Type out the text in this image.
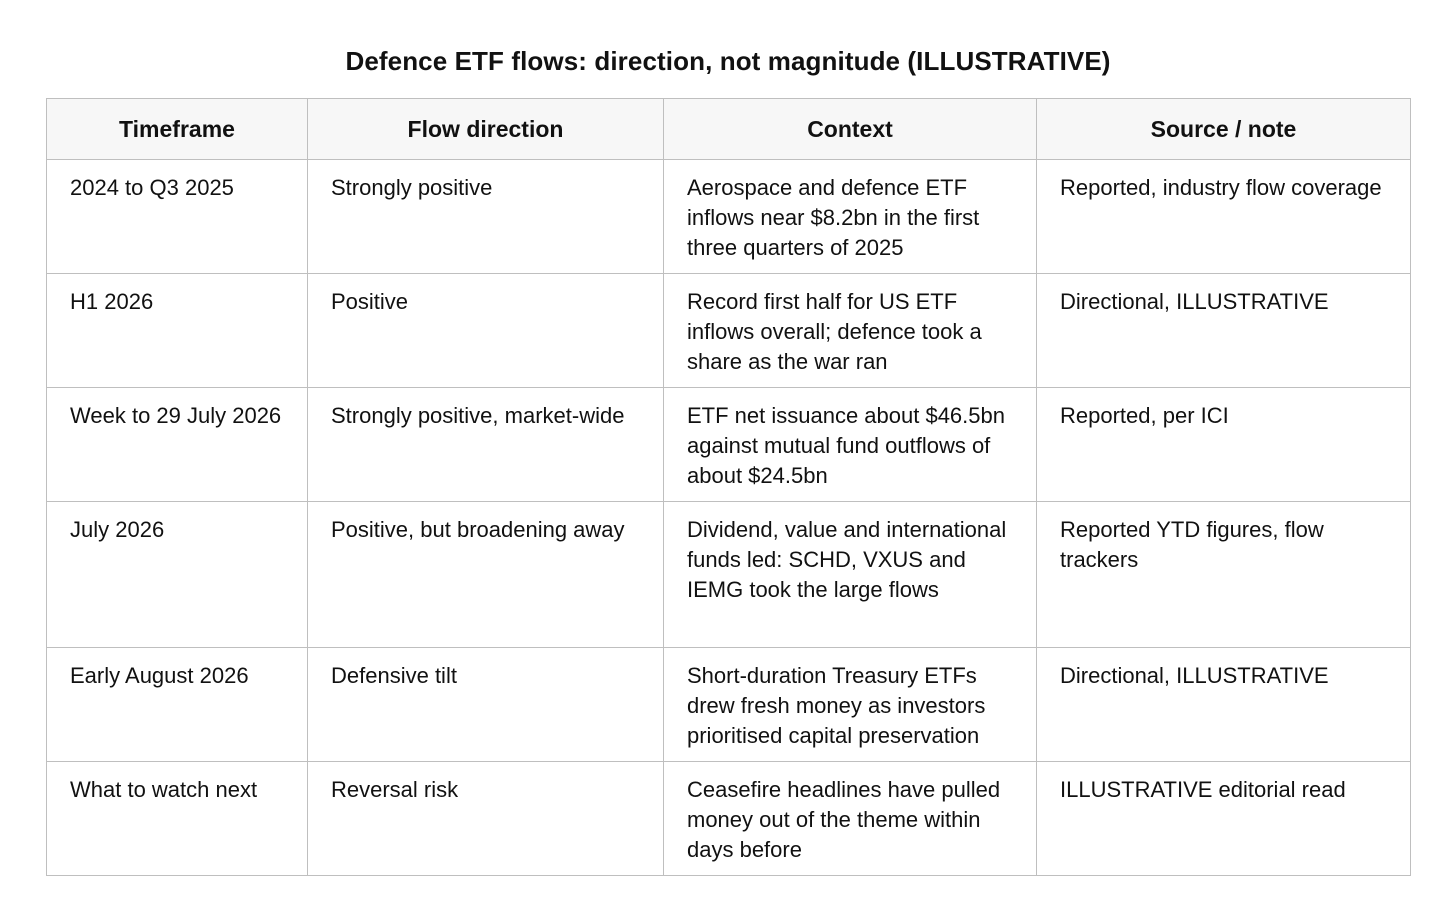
Defence ETF flows: direction, not magnitude (ILLUSTRATIVE)
Timeframe	Flow direction	Context	Source / note
2024 to Q3 2025	Strongly positive	Aerospace and defence ETF inflows near $8.2bn in the first three quarters of 2025	Reported, industry flow coverage
H1 2026	Positive	Record first half for US ETF inflows overall; defence took a share as the war ran	Directional, ILLUSTRATIVE
Week to 29 July 2026	Strongly positive, market-wide	ETF net issuance about $46.5bn against mutual fund outflows of about $24.5bn	Reported, per ICI
July 2026	Positive, but broadening away	Dividend, value and international funds led: SCHD, VXUS and IEMG took the large flows	Reported YTD figures, flow trackers
Early August 2026	Defensive tilt	Short-duration Treasury ETFs drew fresh money as investors prioritised capital preservation	Directional, ILLUSTRATIVE
What to watch next	Reversal risk	Ceasefire headlines have pulled money out of the theme within days before	ILLUSTRATIVE editorial read
